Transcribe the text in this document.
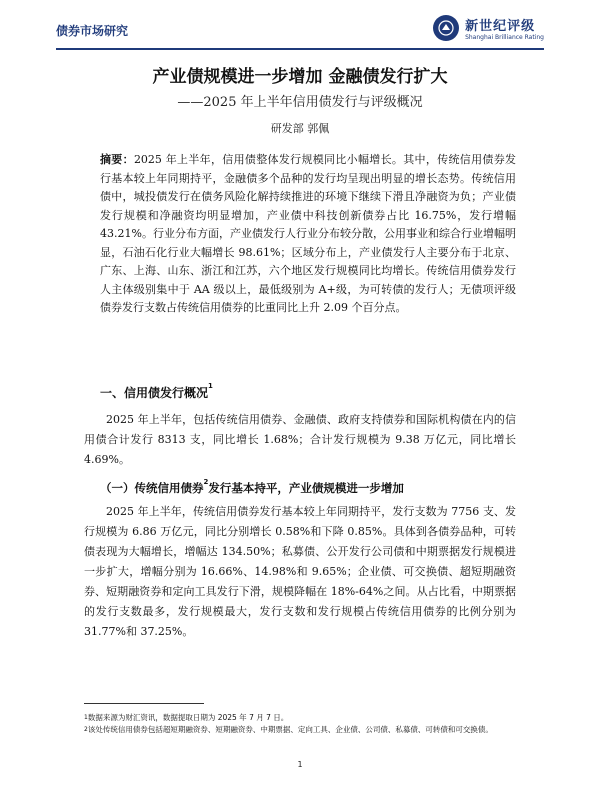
债券市场研究	新世纪评级
Shanghai Brilliance Rating
产业债规模进一步增加 金融债发行扩大
——2025 年上半年信用债发行与评级概况
研发部 郭佩
摘要：2025 年上半年，信用债整体发行规模同比小幅增长。其中，传统信用债券发行基本较上年同期持平，金融债多个品种的发行均呈现出明显的增长态势。传统信用债中，城投债发行在债务风险化解持续推进的环境下继续下滑且净融资为负；产业债发行规模和净融资均明显增加，产业债中科技创新债券占比 16.75%，发行增幅 43.21%。行业分布方面，产业债发行人行业分布较分散，公用事业和综合行业增幅明显，石油石化行业大幅增长 98.61%；区域分布上，产业债发行人主要分布于北京、广东、上海、山东、浙江和江苏，六个地区发行规模同比均增长。传统信用债券发行人主体级别集中于 AA 级以上，最低级别为 A+级，为可转债的发行人；无债项评级债券发行支数占传统信用债券的比重同比上升 2.09 个百分点。
一、信用债发行概况$^1$
2025 年上半年，包括传统信用债券、金融债、政府支持债券和国际机构债在内的信用债合计发行 8313 支，同比增长 1.68%；合计发行规模为 9.38 万亿元，同比增长 4.69%。
（一）传统信用债券$^2$发行基本持平，产业债规模进一步增加
2025 年上半年，传统信用债券发行基本较上年同期持平，发行支数为 7756 支、发行规模为 6.86 万亿元，同比分别增长 0.58%和下降 0.85%。具体到各债券品种，可转债表现为大幅增长，增幅达 134.50%；私募债、公开发行公司债和中期票据发行规模进一步扩大，增幅分别为 16.66%、14.98%和 9.65%；企业债、可交换债、超短期融资券、短期融资券和定向工具发行下滑，规模降幅在 18%-64%之间。从占比看，中期票据的发行支数最多，发行规模最大，发行支数和发行规模占传统信用债券的比例分别为 31.77%和 37.25%。
$^1$数据来源为财汇资讯，数据提取日期为 2025 年 7 月 7 日。
$^2$该处传统信用债券包括超短期融资券、短期融资券、中期票据、定向工具、企业债、公司债、私募债、可转债和可交换债。
1
